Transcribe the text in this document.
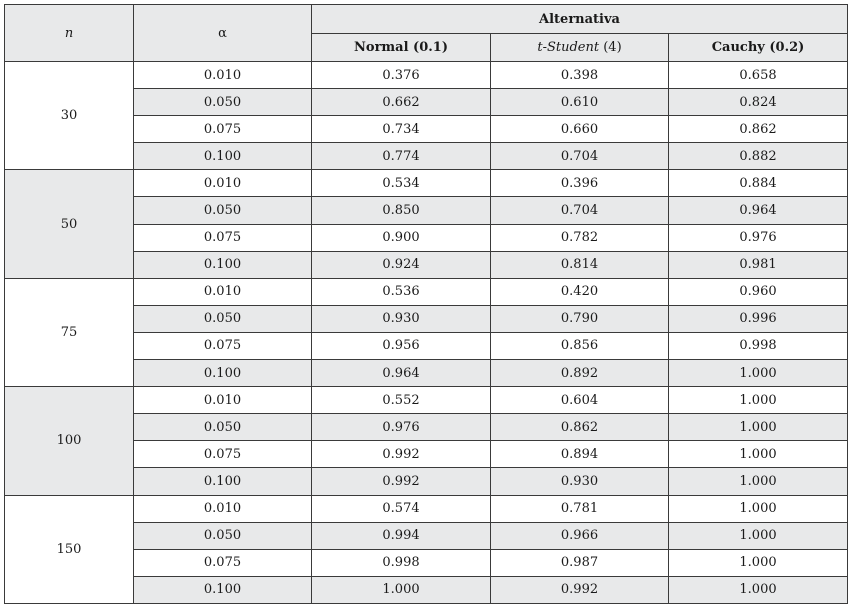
n	α	Alternativa		
		Normal (0.1)	t-Student (4)	Cauchy (0.2)
30	0.010	0.376	0.398	0.658
	0.050	0.662	0.610	0.824
	0.075	0.734	0.660	0.862
	0.100	0.774	0.704	0.882
50	0.010	0.534	0.396	0.884
	0.050	0.850	0.704	0.964
	0.075	0.900	0.782	0.976
	0.100	0.924	0.814	0.981
75	0.010	0.536	0.420	0.960
	0.050	0.930	0.790	0.996
	0.075	0.956	0.856	0.998
	0.100	0.964	0.892	1.000
100	0.010	0.552	0.604	1.000
	0.050	0.976	0.862	1.000
	0.075	0.992	0.894	1.000
	0.100	0.992	0.930	1.000
150	0.010	0.574	0.781	1.000
	0.050	0.994	0.966	1.000
	0.075	0.998	0.987	1.000
	0.100	1.000	0.992	1.000
